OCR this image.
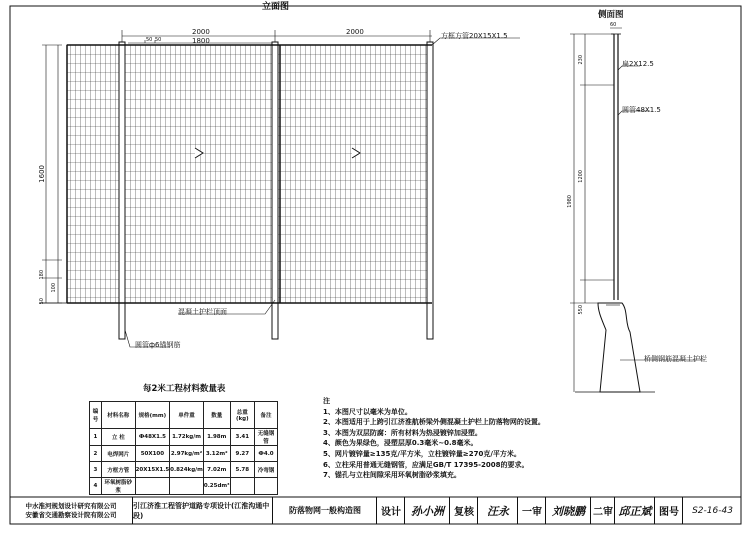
立面图
2000	2000
50 50	1800
方框方管20X15X1.5
1600
100
180
50
混凝土护栏顶面
圆管ф6锚钢筋
侧面图
60
230
1200
550
1980
扁2X12.5
圆管48X1.5
桥侧钢筋混凝土护栏
每2米工程材料数量表
编号	材料名称	规格(mm)	单件重	数量	总重(kg)	备注
1	立 柱	Ф48X1.5	1.72kg/m	1.98m	3.41	无缝钢管
2	电焊网片	50X100	2.97kg/m²	3.12m²	9.27	Ф4.0
3	方框方管	20X15X1.5	0.824kg/m	7.02m	5.78	冷弯钢
4	环氧树脂砂浆			0.25dm³		
注
1、本图尺寸以毫米为单位。
2、本图适用于上跨引江济淮航桥梁外侧混凝土护栏上防落物网的设置。
3、本图为双层防腐：所有材料为热浸镀锌加浸塑。
4、颜色为果绿色，浸塑层厚0.3毫米~0.8毫米。
5、网片镀锌量≥135克/平方米，立柱镀锌量≥270克/平方米。
6、立柱采用普通无缝钢管，应满足GB/T 17395-2008的要求。
7、锚孔与立柱间隙采用环氧树脂砂浆填充。
中水淮河规划设计研究有限公司
安徽省交通勘察设计院有限公司
引江济淮工程管护道路专项设计(江淮沟通中段)
防落物网一般构造图	设计 孙小洲	复核	汪永	一审 刘晓鹏 二审 邱正斌 图号	S2-16-43
